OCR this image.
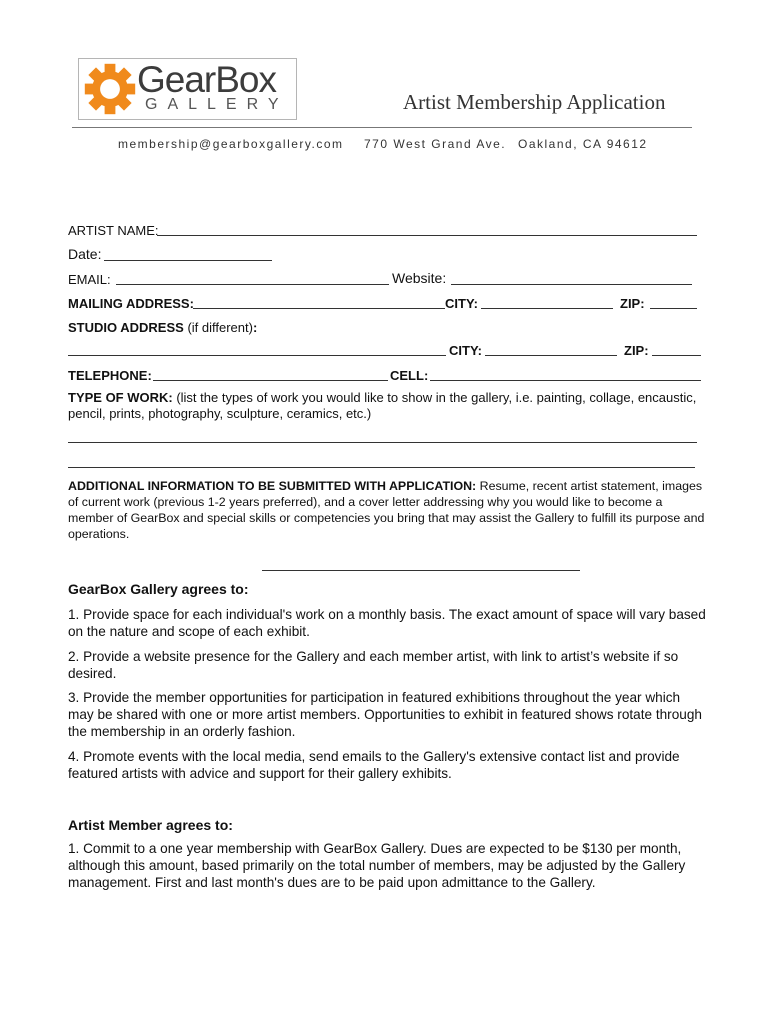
GearBox
GALLERY	Artist Membership Application
membership@gearboxgallery.com 770 West Grand Ave. Oakland, CA 94612
ARTIST NAME:
Date:
EMAIL:	Website:
MAILING ADDRESS:	CITY:	ZIP:
STUDIO ADDRESS (if different):
CITY:	ZIP:
TELEPHONE:	CELL:
TYPE OF WORK: (list the types of work you would like to show in the gallery, i.e. painting, collage, encaustic, pencil, prints, photography, sculpture, ceramics, etc.)
ADDITIONAL INFORMATION TO BE SUBMITTED WITH APPLICATION: Resume, recent artist statement, images of current work (previous 1-2 years preferred), and a cover letter addressing why you would like to become a member of GearBox and special skills or competencies you bring that may assist the Gallery to fulfill its purpose and operations.
GearBox Gallery agrees to:
1. Provide space for each individual's work on a monthly basis. The exact amount of space will vary based on the nature and scope of each exhibit.
2. Provide a website presence for the Gallery and each member artist, with link to artist’s website if so desired.
3. Provide the member opportunities for participation in featured exhibitions throughout the year which may be shared with one or more artist members. Opportunities to exhibit in featured shows rotate through the membership in an orderly fashion.
4. Promote events with the local media, send emails to the Gallery's extensive contact list and provide featured artists with advice and support for their gallery exhibits.
Artist Member agrees to:
1. Commit to a one year membership with GearBox Gallery. Dues are expected to be $130 per month, although this amount, based primarily on the total number of members, may be adjusted by the Gallery management. First and last month's dues are to be paid upon admittance to the Gallery.
